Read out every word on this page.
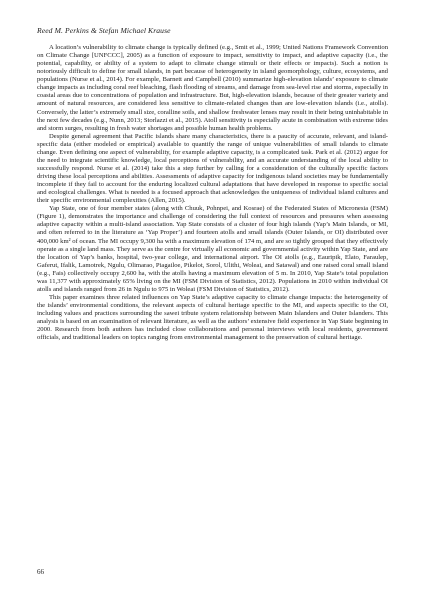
Reed M. Perkins & Stefan Michael Krause

A location’s vulnerability to climate change is typically defined (e.g., Smit et al., 1999; United Nations Framework Convention on Climate Change [UNFCCC], 2005) as a function of exposure to impact, sensitivity to impact, and adaptive capacity (i.e., the potential, capability, or ability of a system to adapt to climate change stimuli or their effects or impacts). Such a notion is notoriously difficult to define for small islands, in part because of heterogeneity in island geomorphology, culture, ecosystems, and populations (Nurse et al., 2014). For example, Barnett and Campbell (2010) summarize high-elevation islands’ exposure to climate change impacts as including coral reef bleaching, flash flooding of streams, and damage from sea-level rise and storms, especially in coastal areas due to concentrations of population and infrastructure. But, high-elevation islands, because of their greater variety and amount of natural resources, are considered less sensitive to climate-related changes than are low-elevation islands (i.e., atolls). Conversely, the latter’s extremely small size, coralline soils, and shallow freshwater lenses may result in their being uninhabitable in the next few decades (e.g., Nunn, 2013; Storlazzi et al., 2015). Atoll sensitivity is especially acute in combination with extreme tides and storm surges, resulting in fresh water shortages and possible human health problems.

Despite general agreement that Pacific islands share many characteristics, there is a paucity of accurate, relevant, and island-specific data (either modeled or empirical) available to quantify the range of unique vulnerabilities of small islands to climate change. Even defining one aspect of vulnerability, for example adaptive capacity, is a complicated task. Park et al. (2012) argue for the need to integrate scientific knowledge, local perceptions of vulnerability, and an accurate understanding of the local ability to successfully respond. Nurse et al. (2014) take this a step further by calling for a consideration of the culturally specific factors driving these local perceptions and abilities. Assessments of adaptive capacity for indigenous island societies may be fundamentally incomplete if they fail to account for the enduring localized cultural adaptations that have developed in response to specific social and ecological challenges. What is needed is a focused approach that acknowledges the uniqueness of individual island cultures and their specific environmental complexities (Allen, 2015).

Yap State, one of four member states (along with Chuuk, Pohnpei, and Kosrae) of the Federated States of Micronesia (FSM) (Figure 1), demonstrates the importance and challenge of considering the full context of resources and pressures when assessing adaptive capacity within a multi-island association. Yap State consists of a cluster of four high islands (Yap’s Main Islands, or MI, and often referred to in the literature as ‘Yap Proper’) and fourteen atolls and small islands (Outer Islands, or OI) distributed over 400,000 km² of ocean. The MI occupy 9,300 ha with a maximum elevation of 174 m, and are so tightly grouped that they effectively operate as a single land mass. They serve as the centre for virtually all economic and governmental activity within Yap State, and are the location of Yap’s banks, hospital, two-year college, and international airport. The OI atolls (e.g., Eauripik, Elato, Faraulep, Gaferut, Ifalik, Lamotrek, Ngulu, Olimarao, Piagailoe, Pikelot, Sorol, Ulithi, Woleai, and Satawal) and one raised coral small island (e.g., Fais) collectively occupy 2,600 ha, with the atolls having a maximum elevation of 5 m. In 2010, Yap State’s total population was 11,377 with approximately 65% living on the MI (FSM Division of Statistics, 2012). Populations in 2010 within individual OI atolls and islands ranged from 26 in Ngulu to 975 in Woleai (FSM Division of Statistics, 2012).

This paper examines three related influences on Yap State’s adaptive capacity to climate change impacts: the heterogeneity of the islands’ environmental conditions, the relevant aspects of cultural heritage specific to the MI, and aspects specific to the OI, including values and practices surrounding the sawei tribute system relationship between Main Islanders and Outer Islanders. This analysis is based on an examination of relevant literature, as well as the authors’ extensive field experience in Yap State beginning in 2000. Research from both authors has included close collaborations and personal interviews with local residents, government officials, and traditional leaders on topics ranging from environmental management to the preservation of cultural heritage.

66
